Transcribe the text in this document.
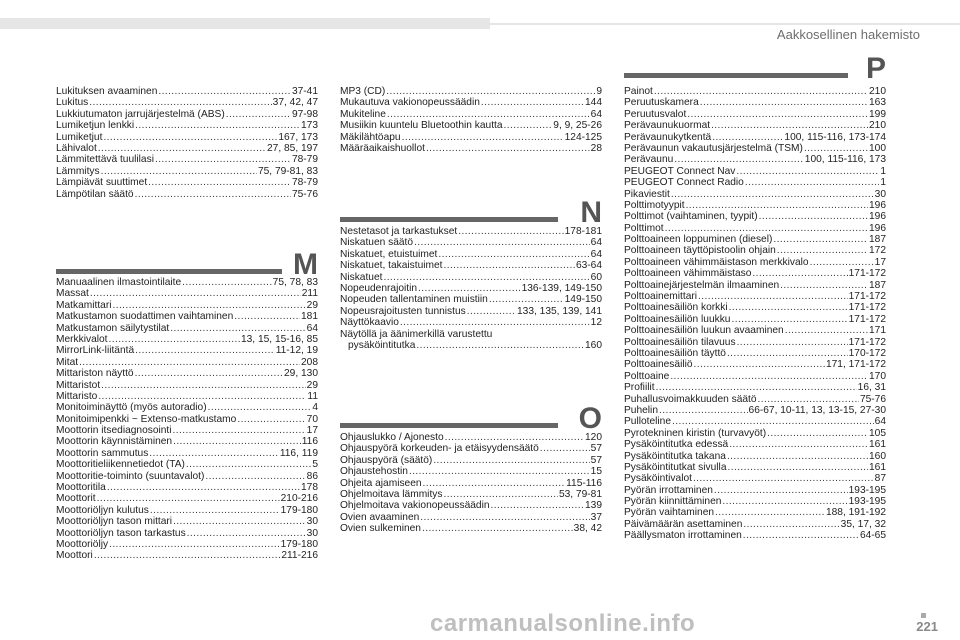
Aakkosellinen hakemisto
Lukituksen avaaminen .....	37-41
Lukitus .....	37, 42, 47
Lukkiutumaton jarrujärjestelmä (ABS) .....	97-98
Lumiketjun lenkki .....	173
Lumiketjut .....	167, 173
Lähivalot .....	27, 85, 197
Lämmitettävä tuulilasi .....	78-79
Lämmitys .....	75, 79-81, 83
Lämpiävät suuttimet .....	78-79
Lämpötilan säätö .....	75-76
M
Manuaalinen ilmastointilaite .....	75, 78, 83
Massat .....	211
Matkamittari .....	29
Matkustamon suodattimen vaihtaminen .....	181
Matkustamon säilytystilat .....	64
Merkkivalot .....	13, 15, 15-16, 85
MirrorLink-liitäntä .....	11-12, 19
Mitat .....	208
Mittariston näyttö .....	29, 130
Mittaristot .....	29
Mittaristo .....	11
Monitoiminäyttö (myös autoradio) .....	4
Monitoimipenkki ~ Extenso-matkustamo .....	70
Moottorin itsediagnosointi .....	17
Moottorin käynnistäminen .....	116
Moottorin sammutus .....	116, 119
Moottoritieliikennetiedot (TA) .....	5
Moottoritie-toiminto (suuntavalot) .....	86
Moottoritila .....	178
Moottorit .....	210-216
Moottoriöljyn kulutus .....	179-180
Moottoriöljyn tason mittari .....	30
Moottoriöljyn tason tarkastus .....	30
Moottoriöljy .....	179-180
Moottori .....	211-216
MP3 (CD) .....	9
Mukautuva vakionopeussäädin .....	144
Mukiteline .....	64
Musiikin kuuntelu Bluetoothin kautta .....	9, 9, 25-26
Mäkilähtöapu .....	124-125
Määräaikaishuollot .....	28
N
Nestetasot ja tarkastukset .....	178-181
Niskatuen säätö .....	64
Niskatuet, etuistuimet .....	64
Niskatuet, takaistuimet .....	63-64
Niskatuet .....	60
Nopeudenrajoitin .....	136-139, 149-150
Nopeuden tallentaminen muistiin .....	149-150
Nopeusrajoitusten tunnistus .....	133, 135, 139, 141
Näyttökaavio .....	12
Näytöllä ja äänimerkillä varustettu
pysäköintitutka .....	160
O
Ohjauslukko / Ajonesto .....	120
Ohjauspyörä korkeuden- ja etäisyydensäätö .....	57
Ohjauspyörä (säätö) .....	57
Ohjaustehostin .....	15
Ohjeita ajamiseen .....	115-116
Ohjelmoitava lämmitys .....	53, 79-81
Ohjelmoitava vakionopeussäädin .....	139
Ovien avaaminen .....	37
Ovien sulkeminen .....	38, 42
P
Painot .....	210
Peruutuskamera .....	163
Peruutusvalot .....	199
Perävaunukuormat .....	210
Perävaunukytkentä .....	100, 115-116, 173-174
Perävaunun vakautusjärjestelmä (TSM) .....	100
Perävaunu .....	100, 115-116, 173
PEUGEOT Connect Nav .....	1
PEUGEOT Connect Radio .....	1
Pikaviestit .....	30
Polttimotyypit .....	196
Polttimot (vaihtaminen, tyypit) .....	196
Polttimot .....	196
Polttoaineen loppuminen (diesel) .....	187
Polttoaineen täyttöpistoolin ohjain .....	172
Polttoaineen vähimmäistason merkkivalo .....	17
Polttoaineen vähimmäistaso .....	171-172
Polttoainejärjestelmän ilmaaminen .....	187
Polttoainemittari .....	171-172
Polttoainesäiliön korkki .....	171-172
Polttoainesäiliön luukku .....	171-172
Polttoainesäiliön luukun avaaminen .....	171
Polttoainesäiliön tilavuus .....	171-172
Polttoainesäiliön täyttö .....	170-172
Polttoainesäiliö .....	171, 171-172
Polttoaine .....	170
Profiilit .....	16, 31
Puhallusvoimakkuuden säätö .....	75-76
Puhelin .....	66-67, 10-11, 13, 13-15, 27-30
Pulloteline .....	64
Pyrotekninen kiristin (turvavyöt) .....	105
Pysäköintitutka edessä .....	161
Pysäköintitutka takana .....	160
Pysäköintitutkat sivulla .....	161
Pysäköintivalot .....	87
Pyörän irrottaminen .....	193-195
Pyörän kiinnittäminen .....	193-195
Pyörän vaihtaminen .....	188, 191-192
Päivämäärän asettaminen .....	35, 17, 32
Päällysmaton irrottaminen .....	64-65
carmanualsonline.info	221
